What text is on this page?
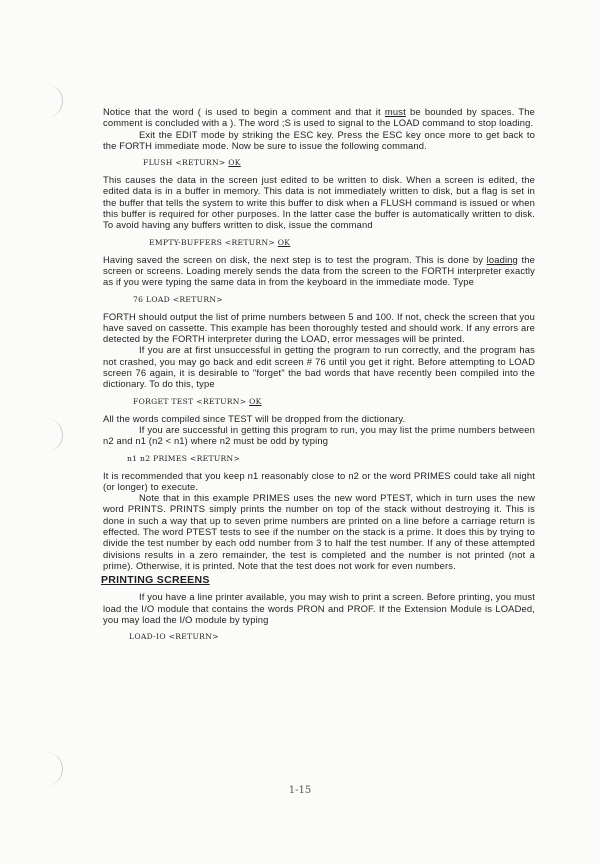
Notice that the word ( is used to begin a comment and that it must be bounded by spaces. The comment is concluded with a ). The word ;S is used to signal to the LOAD command to stop loading.

Exit the EDIT mode by striking the ESC key. Press the ESC key once more to get back to the FORTH immediate mode. Now be sure to issue the following command.

FLUSH <RETURN> OK

This causes the data in the screen just edited to be written to disk. When a screen is edited, the edited data is in a buffer in memory. This data is not immediately written to disk, but a flag is set in the buffer that tells the system to write this buffer to disk when a FLUSH command is issued or when this buffer is required for other purposes. In the latter case the buffer is automatically written to disk. To avoid having any buffers written to disk, issue the command

EMPTY-BUFFERS <RETURN> OK

Having saved the screen on disk, the next step is to test the program. This is done by loading the screen or screens. Loading merely sends the data from the screen to the FORTH interpreter exactly as if you were typing the same data in from the keyboard in the immediate mode. Type

76 LOAD <RETURN>

FORTH should output the list of prime numbers between 5 and 100. If not, check the screen that you have saved on cassette. This example has been thoroughly tested and should work. If any errors are detected by the FORTH interpreter during the LOAD, error messages will be printed.

If you are at first unsuccessful in getting the program to run correctly, and the program has not crashed, you may go back and edit screen # 76 until you get it right. Before attempting to LOAD screen 76 again, it is desirable to "forget" the bad words that have recently been compiled into the dictionary. To do this, type

FORGET TEST <RETURN> OK

All the words compiled since TEST will be dropped from the dictionary.

If you are successful in getting this program to run, you may list the prime numbers between n2 and n1 (n2 < n1) where n2 must be odd by typing

n1 n2 PRIMES <RETURN>

It is recommended that you keep n1 reasonably close to n2 or the word PRIMES could take all night (or longer) to execute.

Note that in this example PRIMES uses the new word PTEST, which in turn uses the new word PRINTS. PRINTS simply prints the number on top of the stack without destroying it. This is done in such a way that up to seven prime numbers are printed on a line before a carriage return is effected. The word PTEST tests to see if the number on the stack is a prime. It does this by trying to divide the test number by each odd number from 3 to half the test number. If any of these attempted divisions results in a zero remainder, the test is completed and the number is not printed (not a prime). Otherwise, it is printed. Note that the test does not work for even numbers.

PRINTING SCREENS

If you have a line printer available, you may wish to print a screen. Before printing, you must load the I/O module that contains the words PRON and PROF. If the Extension Module is LOADed, you may load the I/O module by typing

LOAD-IO <RETURN>
1-15
